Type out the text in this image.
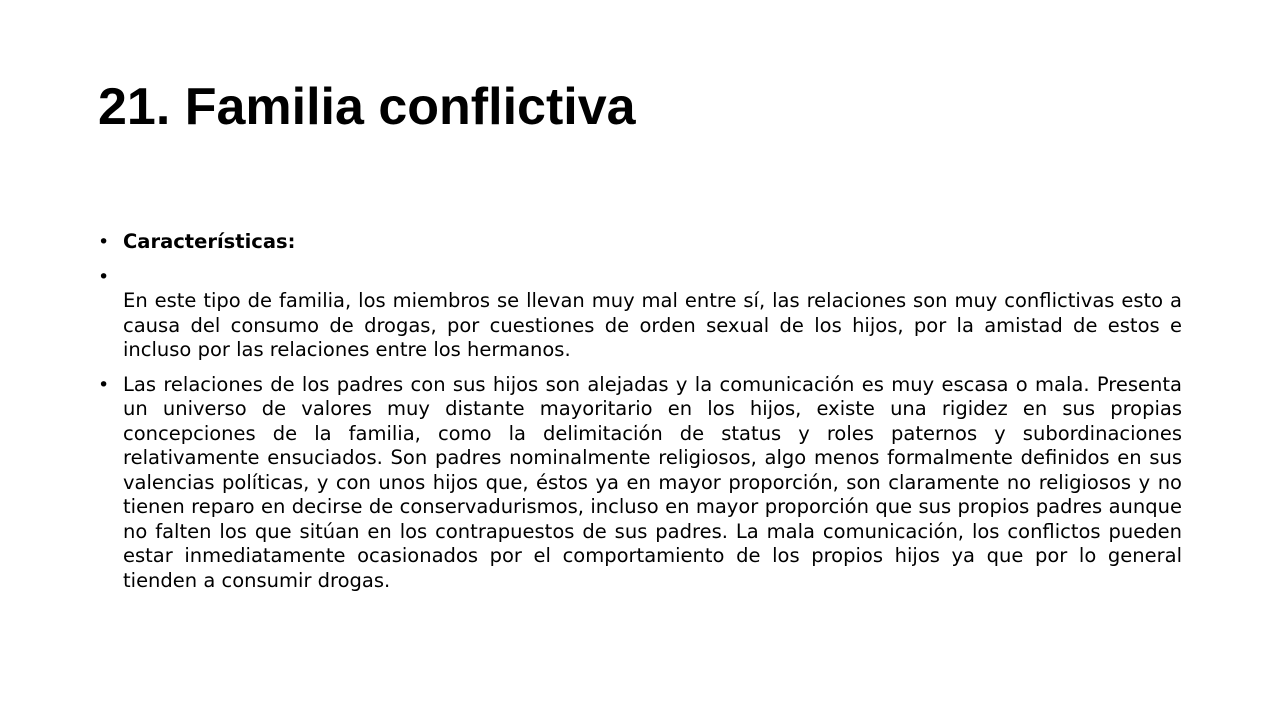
21. Familia conflictiva
• Características:
•
En este tipo de familia, los miembros se llevan muy mal entre sí, las relaciones son muy conflictivas esto a causa del consumo de drogas, por cuestiones de orden sexual de los hijos, por la amistad de estos e incluso por las relaciones entre los hermanos.
• Las relaciones de los padres con sus hijos son alejadas y la comunicación es muy escasa o mala. Presenta un universo de valores muy distante mayoritario en los hijos, existe una rigidez en sus propias concepciones de la familia, como la delimitación de status y roles paternos y subordinaciones relativamente ensuciados. Son padres nominalmente religiosos, algo menos formalmente definidos en sus valencias políticas, y con unos hijos que, éstos ya en mayor proporción, son claramente no religiosos y no tienen reparo en decirse de conservadurismos, incluso en mayor proporción que sus propios padres aunque no falten los que sitúan en los contrapuestos de sus padres. La mala comunicación, los conflictos pueden estar inmediatamente ocasionados por el comportamiento de los propios hijos ya que por lo general tienden a consumir drogas.
